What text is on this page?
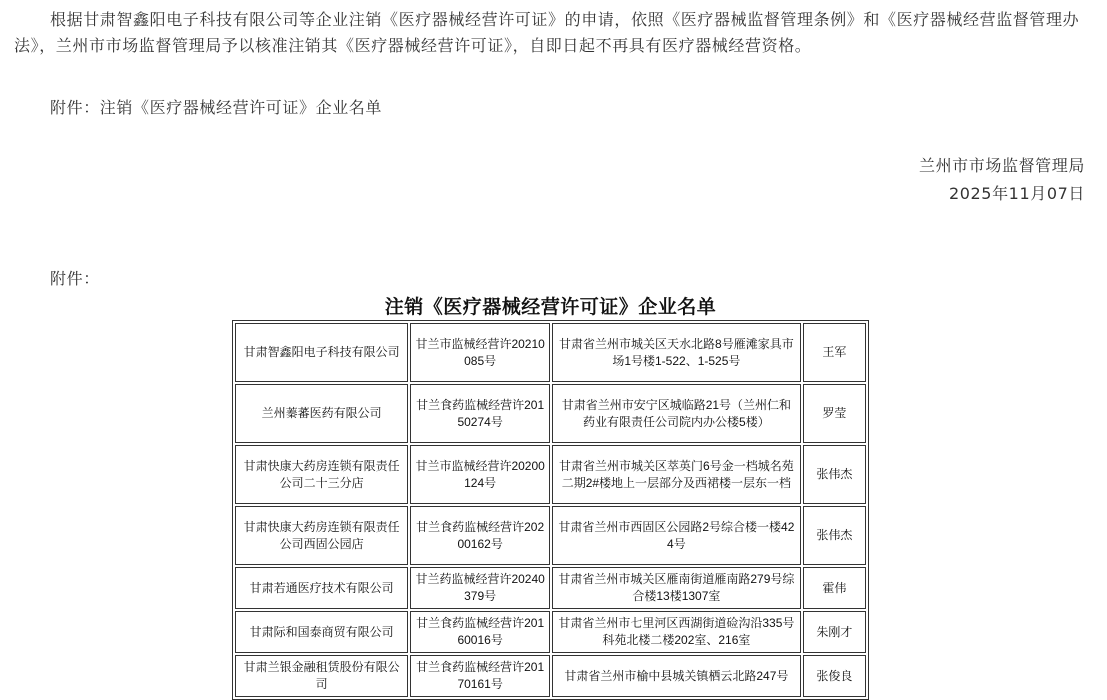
根据甘肃智鑫阳电子科技有限公司等企业注销《医疗器械经营许可证》的申请，依照《医疗器械监督管理条例》和《医疗器械经营监督管理办法》，兰州市市场监督管理局予以核准注销其《医疗器械经营许可证》，自即日起不再具有医疗器械经营资格。

附件：注销《医疗器械经营许可证》企业名单

兰州市市场监督管理局
2025年11月07日
附件：
注销《医疗器械经营许可证》企业名单
甘肃智鑫阳电子科技有限公司	甘兰市监械经营许20210085号	甘肃省兰州市城关区天水北路8号雁滩家具市场1号楼1-522、1-525号	王军
兰州蓁蕃医药有限公司	甘兰食药监械经营许20150274号	甘肃省兰州市安宁区城临路21号（兰州仁和药业有限责任公司院内办公楼5楼）	罗莹
甘肃快康大药房连锁有限责任公司二十三分店	甘兰市监械经营许20200124号	甘肃省兰州市城关区萃英门6号金一档城名苑二期2#楼地上一层部分及西裙楼一层东一档	张伟杰
甘肃快康大药房连锁有限责任公司西固公园店	甘兰食药监械经营许20200162号	甘肃省兰州市西固区公园路2号综合楼一楼424号	张伟杰
甘肃若通医疗技术有限公司	甘兰药监械经营许20240379号	甘肃省兰州市城关区雁南街道雁南路279号综合楼13楼1307室	霍伟
甘肃际和国泰商贸有限公司	甘兰食药监械经营许20160016号	甘肃省兰州市七里河区西湖街道硷沟沿335号科苑北楼二楼202室、216室	朱刚才
甘肃兰银金融租赁股份有限公司	甘兰食药监械经营许20170161号	甘肃省兰州市榆中县城关镇栖云北路247号	张俊良
